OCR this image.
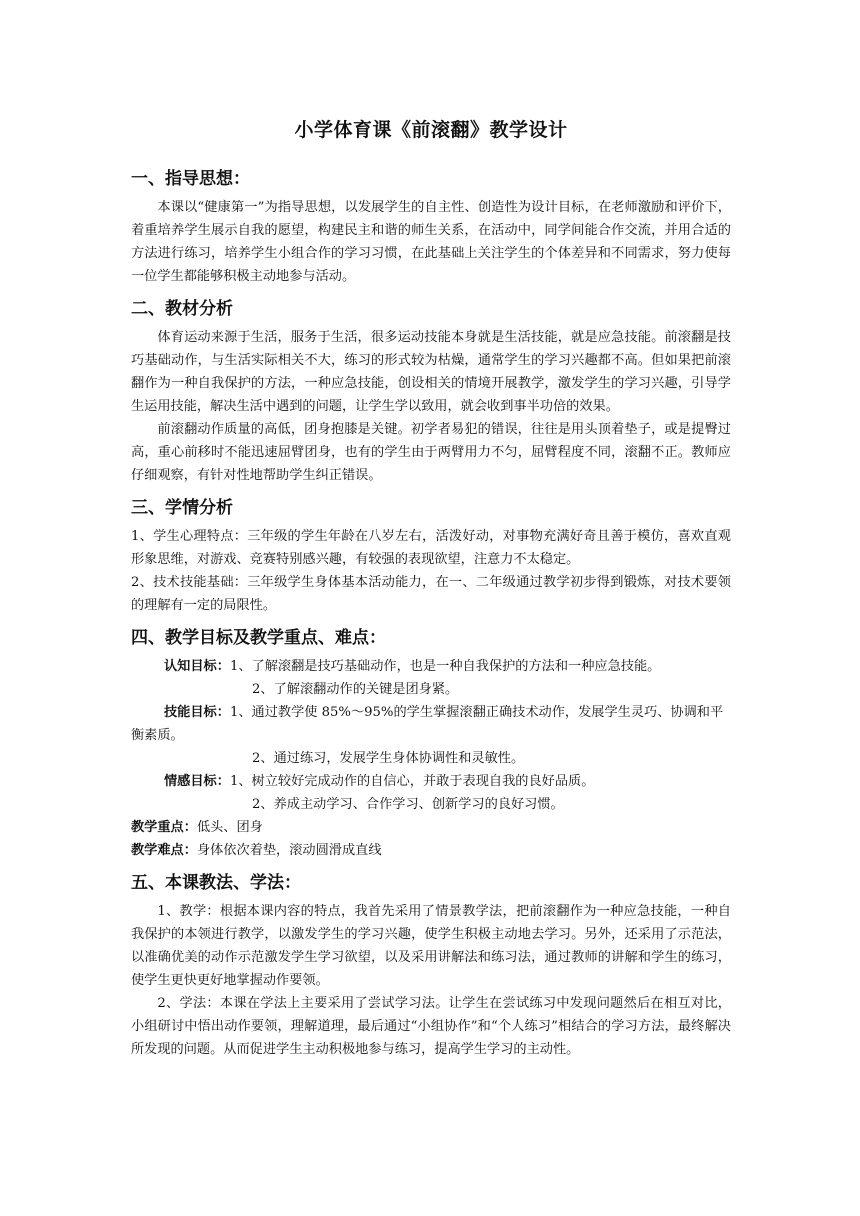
小学体育课《前滚翻》教学设计
一、指导思想：

本课以“健康第一”为指导思想，以发展学生的自主性、创造性为设计目标，在老师激励和评价下，着重培养学生展示自我的愿望，构建民主和谐的师生关系，在活动中，同学间能合作交流，并用合适的方法进行练习，培养学生小组合作的学习习惯，在此基础上关注学生的个体差异和不同需求，努力使每一位学生都能够积极主动地参与活动。

二、教材分析

体育运动来源于生活，服务于生活，很多运动技能本身就是生活技能，就是应急技能。前滚翻是技巧基础动作，与生活实际相关不大，练习的形式较为枯燥，通常学生的学习兴趣都不高。但如果把前滚翻作为一种自我保护的方法，一种应急技能，创设相关的情境开展教学，激发学生的学习兴趣，引导学生运用技能，解决生活中遇到的问题，让学生学以致用，就会收到事半功倍的效果。

前滚翻动作质量的高低，团身抱膝是关键。初学者易犯的错误，往往是用头顶着垫子，或是提臀过高，重心前移时不能迅速屈臂团身，也有的学生由于两臂用力不匀，屈臂程度不同，滚翻不正。教师应仔细观察，有针对性地帮助学生纠正错误。

三、学情分析

1、学生心理特点：三年级的学生年龄在八岁左右，活泼好动，对事物充满好奇且善于模仿，喜欢直观形象思维，对游戏、竞赛特别感兴趣，有较强的表现欲望，注意力不太稳定。

2、技术技能基础：三年级学生身体基本活动能力，在一、二年级通过教学初步得到锻炼，对技术要领的理解有一定的局限性。

四、教学目标及教学重点、难点：

认知目标：1、了解滚翻是技巧基础动作，也是一种自我保护的方法和一种应急技能。

2、了解滚翻动作的关键是团身紧。

技能目标：1、通过教学使 85%～95%的学生掌握滚翻正确技术动作，发展学生灵巧、协调和平衡素质。

2、通过练习，发展学生身体协调性和灵敏性。

情感目标：1、树立较好完成动作的自信心，并敢于表现自我的良好品质。

2、养成主动学习、合作学习、创新学习的良好习惯。

教学重点：低头、团身

教学难点：身体依次着垫，滚动圆滑成直线

五、本课教法、学法：

1、教学：根据本课内容的特点，我首先采用了情景教学法，把前滚翻作为一种应急技能，一种自我保护的本领进行教学，以激发学生的学习兴趣，使学生积极主动地去学习。另外，还采用了示范法，以准确优美的动作示范激发学生学习欲望，以及采用讲解法和练习法，通过教师的讲解和学生的练习，使学生更快更好地掌握动作要领。

2、学法：本课在学法上主要采用了尝试学习法。让学生在尝试练习中发现问题然后在相互对比，小组研讨中悟出动作要领，理解道理，最后通过“小组协作”和“个人练习”相结合的学习方法，最终解决所发现的问题。从而促进学生主动积极地参与练习，提高学生学习的主动性。
